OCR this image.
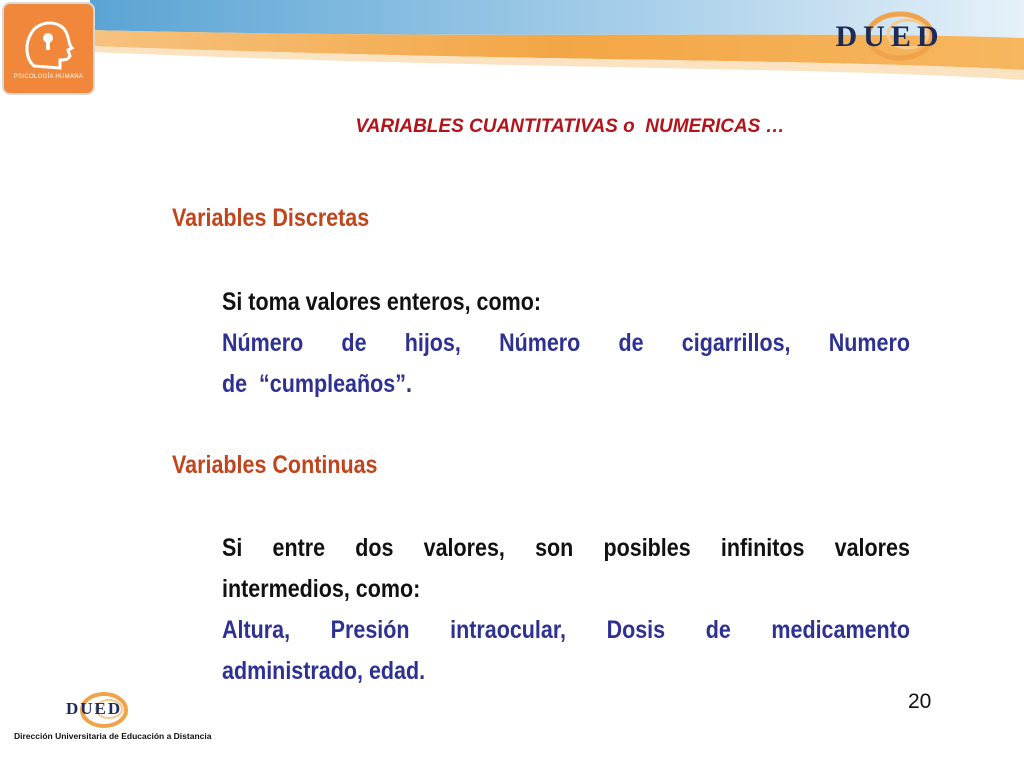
PSICOLOGÍA HUMANA
DUED
VARIABLES CUANTITATIVAS o  NUMERICAS …
Variables Discretas
Si toma valores enteros, como:
Número de hijos, Número de cigarrillos, Numero
de  “cumpleaños”.
Variables Continuas
Si entre dos valores, son posibles infinitos valores
intermedios, como:
Altura, Presión intraocular, Dosis de medicamento
administrado, edad.
20
DUED
Dirección Universitaria de Educación a Distancia
